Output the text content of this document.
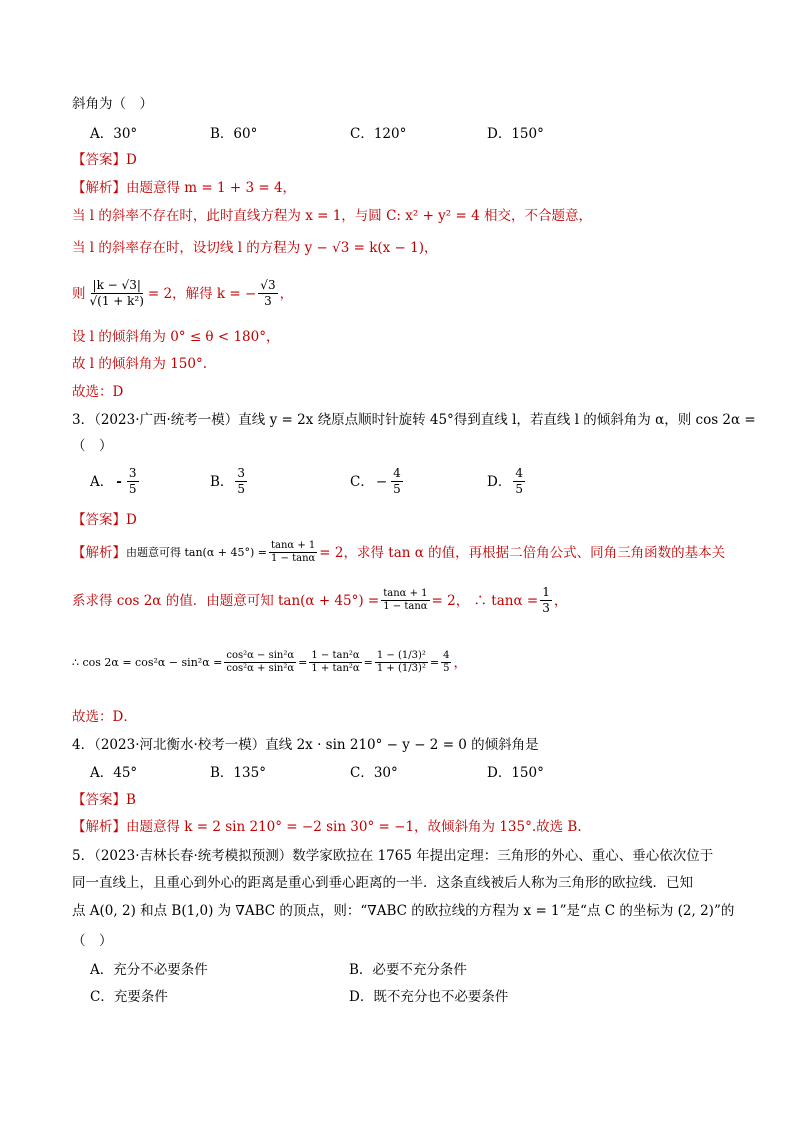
斜角为（　）
A．30°	B．60°	C．120°	D．150°
【答案】D
【解析】由题意得 m = 1 + 3 = 4，
当 l 的斜率不存在时，此时直线方程为 x = 1，与圆 C: x² + y² = 4 相交，不合题意，
当 l 的斜率存在时，设切线 l 的方程为 y − √3 = k(x − 1)，
则 $\frac{|k - √3|}{\text{√(1 + k²)}} = 2$，解得 k = − $\frac{√3}{3}$ ，
设 l 的倾斜角为 0° ≤ θ < 180°，
故 l 的倾斜角为 150°.
故选：D
3．（2023·广西·统考一模）直线 y = 2x 绕原点顺时针旋转 45°得到直线 l，若直线 l 的倾斜角为 α，则 cos 2α =
（　）
A． - $\frac{3}{5}$	B． $\frac{3}{5}$	C． − $\frac{4}{5}$	D． $\frac{4}{5}$
【答案】D
【解析】 由题意可得 $\tan(\alpha + 45^\circ) = \frac{\tan\alpha + 1}{1 - \tan\alpha} = 2$，求得 tan α 的值，再根据二倍角公式、同角三角函数的基本关
系求得 cos 2α 的值．由题意可知 $\tan(\alpha + 45^\circ) = \frac{\tan\alpha + 1}{1 - \tan\alpha} = 2$， ∴ $\tan\alpha = \frac{1}{3}$ ，
∴ $\cos 2\alpha = \cos^2\alpha - \sin^2\alpha = \frac{\text{cos²α − sin²α}}{\text{cos²α + sin²α}} = \frac{\text{1 − tan²α}}{\text{1 + tan²α}} = \frac{\text{1 − (1/3)²}}{\text{1 + (1/3)²}} = \frac{4}{5}$ ，
故选：D．
4．（2023·河北衡水·校考一模）直线 2x · sin 210° − y − 2 = 0 的倾斜角是
A．45°	B．135°	C．30°	D．150°
【答案】B
【解析】由题意得 k = 2 sin 210° = −2 sin 30° = −1，故倾斜角为 135°.故选 B.
5．（2023·吉林长春·统考模拟预测）数学家欧拉在 1765 年提出定理：三角形的外心、重心、垂心依次位于
同一直线上，且重心到外心的距离是重心到垂心距离的一半．这条直线被后人称为三角形的欧拉线．已知
点 A(0, 2) 和点 B(1,0) 为 ∇ABC 的顶点，则：“∇ABC 的欧拉线的方程为 x = 1”是“点 C 的坐标为 (2, 2)”的
（　）
A．充分不必要条件	B．必要不充分条件
C．充要条件	D．既不充分也不必要条件
